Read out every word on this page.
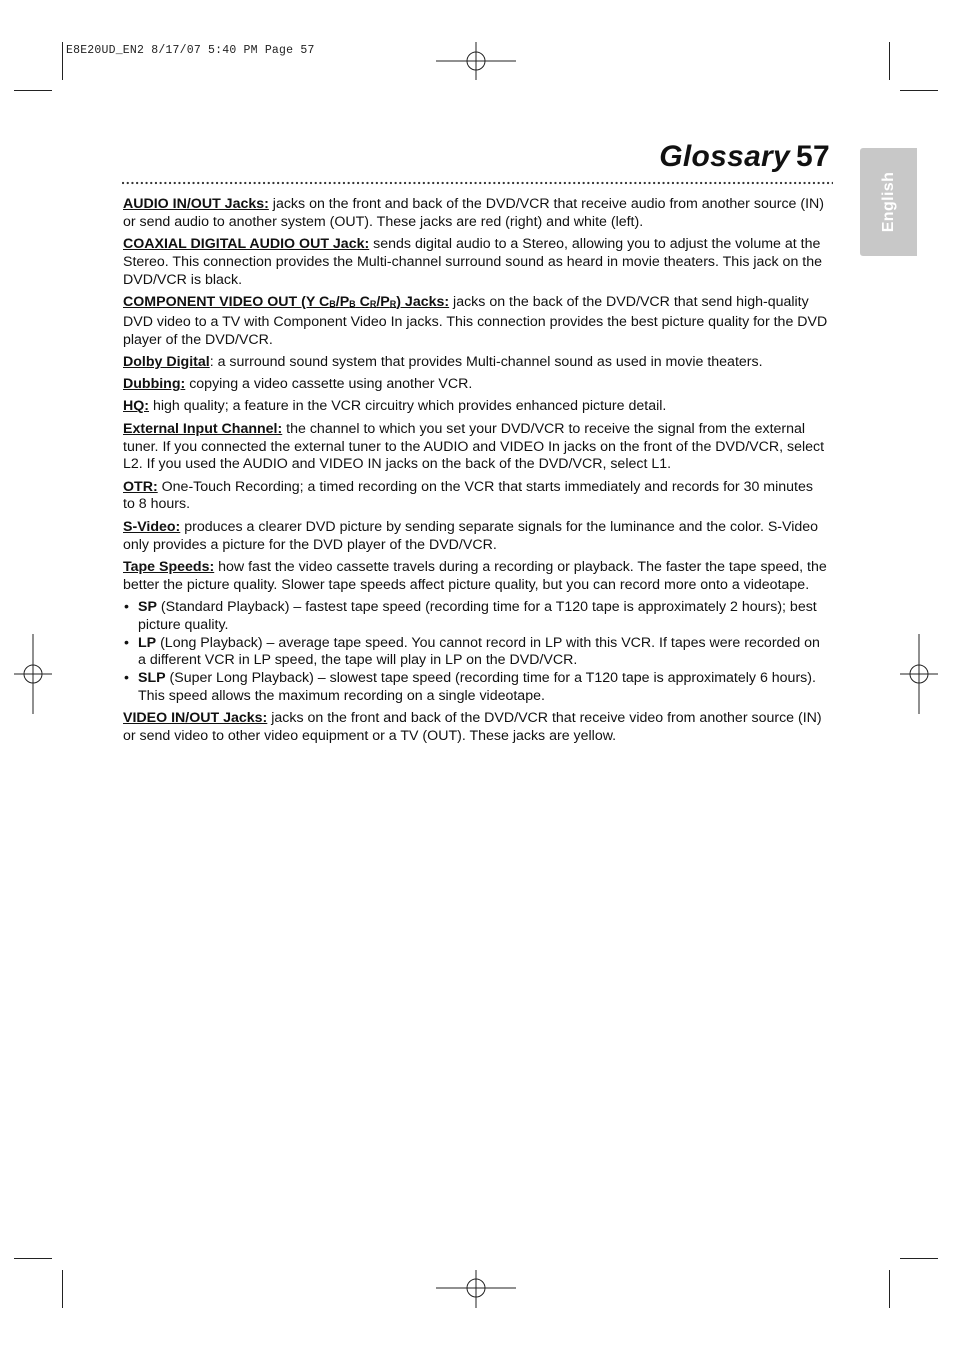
E8E20UD_EN2 8/17/07 5:40 PM Page 57
Glossary 57
English

AUDIO IN/OUT Jacks: jacks on the front and back of the DVD/VCR that receive audio from another source (IN) or send audio to another system (OUT). These jacks are red (right) and white (left).

COAXIAL DIGITAL AUDIO OUT Jack: sends digital audio to a Stereo, allowing you to adjust the volume at the Stereo. This connection provides the Multi-channel surround sound as heard in movie theaters. This jack on the DVD/VCR is black.

COMPONENT VIDEO OUT (Y CB/PB CR/PR) Jacks: jacks on the back of the DVD/VCR that send high-quality DVD video to a TV with Component Video In jacks. This connection provides the best picture quality for the DVD player of the DVD/VCR.

Dolby Digital: a surround sound system that provides Multi-channel sound as used in movie theaters.

Dubbing: copying a video cassette using another VCR.

HQ: high quality; a feature in the VCR circuitry which provides enhanced picture detail.

External Input Channel: the channel to which you set your DVD/VCR to receive the signal from the external tuner. If you connected the external tuner to the AUDIO and VIDEO In jacks on the front of the DVD/VCR, select L2. If you used the AUDIO and VIDEO IN jacks on the back of the DVD/VCR, select L1.

OTR: One-Touch Recording; a timed recording on the VCR that starts immediately and records for 30 minutes to 8 hours.

S-Video: produces a clearer DVD picture by sending separate signals for the luminance and the color. S-Video only provides a picture for the DVD player of the DVD/VCR.

Tape Speeds: how fast the video cassette travels during a recording or playback. The faster the tape speed, the better the picture quality. Slower tape speeds affect picture quality, but you can record more onto a videotape.

• SP (Standard Playback) – fastest tape speed (recording time for a T120 tape is approximately 2 hours); best picture quality.
• LP (Long Playback) – average tape speed. You cannot record in LP with this VCR. If tapes were recorded on a different VCR in LP speed, the tape will play in LP on the DVD/VCR.
• SLP (Super Long Playback) – slowest tape speed (recording time for a T120 tape is approximately 6 hours). This speed allows the maximum recording on a single videotape.

VIDEO IN/OUT Jacks: jacks on the front and back of the DVD/VCR that receive video from another source (IN) or send video to other video equipment or a TV (OUT). These jacks are yellow.
